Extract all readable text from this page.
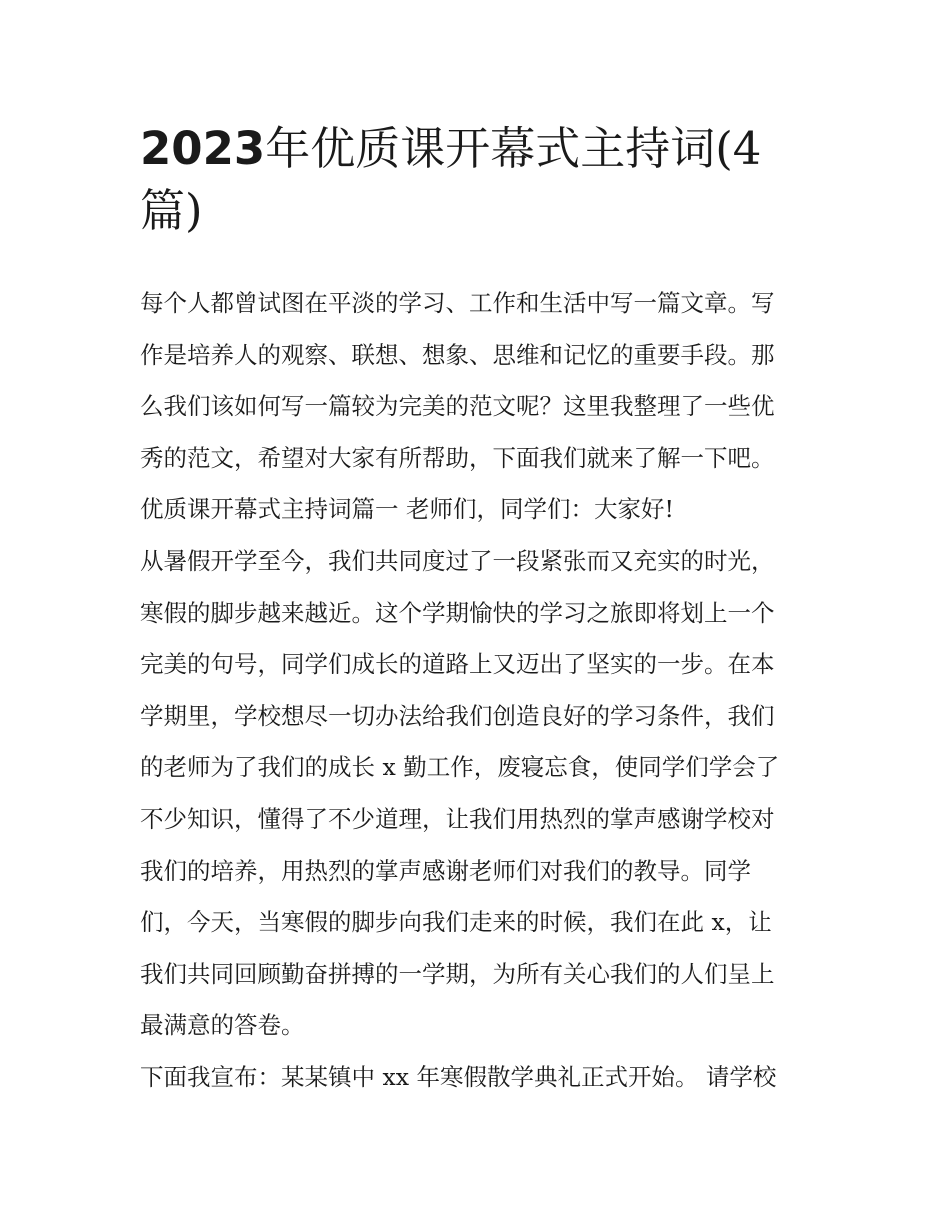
2023年优质课开幕式主持词(4
篇)
每个人都曾试图在平淡的学习、工作和生活中写一篇文章。写
作是培养人的观察、联想、想象、思维和记忆的重要手段。那
么我们该如何写一篇较为完美的范文呢？这里我整理了一些优
秀的范文，希望对大家有所帮助，下面我们就来了解一下吧。
优质课开幕式主持词篇一 老师们，同学们：大家好!
从暑假开学至今，我们共同度过了一段紧张而又充实的时光，
寒假的脚步越来越近。这个学期愉快的学习之旅即将划上一个
完美的句号，同学们成长的道路上又迈出了坚实的一步。在本
学期里，学校想尽一切办法给我们创造良好的学习条件，我们
的老师为了我们的成长 x 勤工作，废寝忘食，使同学们学会了
不少知识，懂得了不少道理，让我们用热烈的掌声感谢学校对
我们的培养，用热烈的掌声感谢老师们对我们的教导。同学
们，今天，当寒假的脚步向我们走来的时候，我们在此 x，让
我们共同回顾勤奋拼搏的一学期，为所有关心我们的人们呈上
最满意的答卷。
下面我宣布：某某镇中 xx 年寒假散学典礼正式开始。 请学校
